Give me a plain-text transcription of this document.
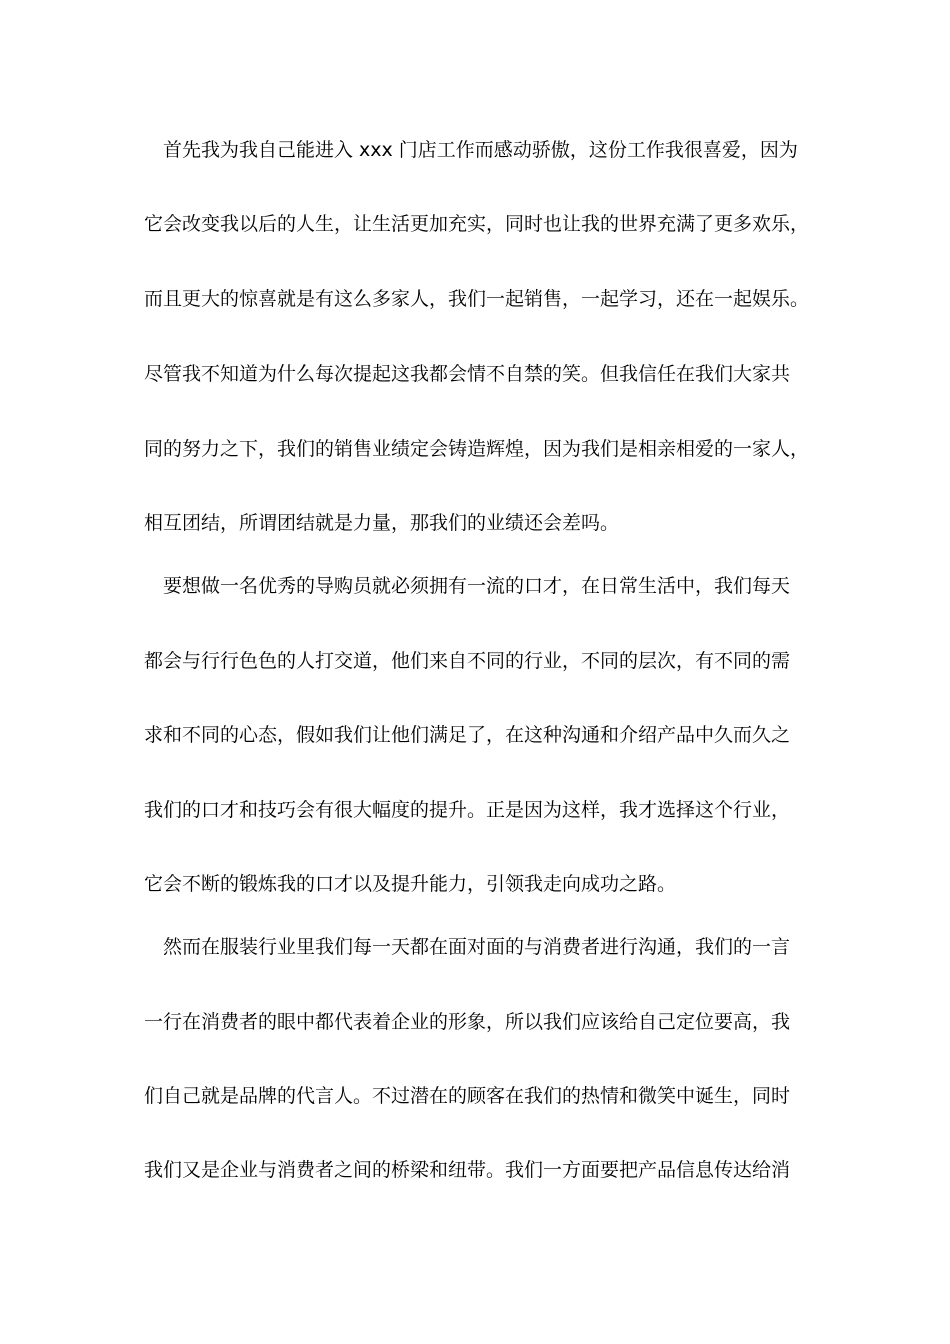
首先我为我自己能进入 xxx 门店工作而感动骄傲，这份工作我很喜爱，因为
它会改变我以后的人生，让生活更加充实，同时也让我的世界充满了更多欢乐，
而且更大的惊喜就是有这么多家人，我们一起销售，一起学习，还在一起娱乐。
尽管我不知道为什么每次提起这我都会情不自禁的笑。但我信任在我们大家共
同的努力之下，我们的销售业绩定会铸造辉煌，因为我们是相亲相爱的一家人，
相互团结，所谓团结就是力量，那我们的业绩还会差吗。
要想做一名优秀的导购员就必须拥有一流的口才，在日常生活中，我们每天
都会与行行色色的人打交道，他们来自不同的行业，不同的层次，有不同的需
求和不同的心态，假如我们让他们满足了，在这种沟通和介绍产品中久而久之
我们的口才和技巧会有很大幅度的提升。正是因为这样，我才选择这个行业，
它会不断的锻炼我的口才以及提升能力，引领我走向成功之路。
然而在服装行业里我们每一天都在面对面的与消费者进行沟通，我们的一言
一行在消费者的眼中都代表着企业的形象，所以我们应该给自己定位要高，我
们自己就是品牌的代言人。不过潜在的顾客在我们的热情和微笑中诞生，同时
我们又是企业与消费者之间的桥梁和纽带。我们一方面要把产品信息传达给消
